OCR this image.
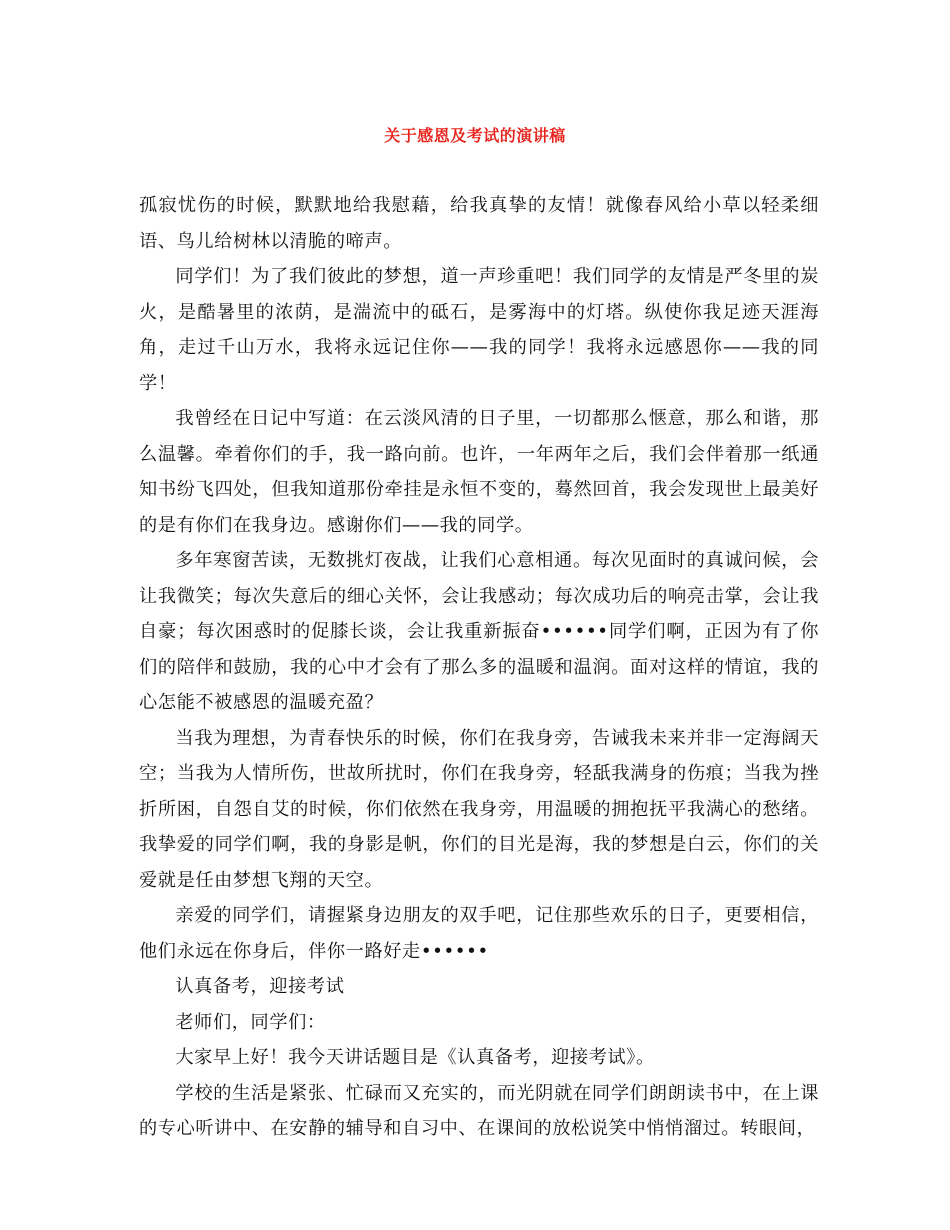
关于感恩及考试的演讲稿

孤寂忧伤的时候，默默地给我慰藉，给我真挚的友情！就像春风给小草以轻柔细语、鸟儿给树林以清脆的啼声。

同学们！为了我们彼此的梦想，道一声珍重吧！我们同学的友情是严冬里的炭火，是酷暑里的浓荫，是湍流中的砥石，是雾海中的灯塔。纵使你我足迹天涯海角，走过千山万水，我将永远记住你——我的同学！我将永远感恩你——我的同学！

我曾经在日记中写道：在云淡风清的日子里，一切都那么惬意，那么和谐，那么温馨。牵着你们的手，我一路向前。也许，一年两年之后，我们会伴着那一纸通知书纷飞四处，但我知道那份牵挂是永恒不变的，蓦然回首，我会发现世上最美好的是有你们在我身边。感谢你们——我的同学。

多年寒窗苦读，无数挑灯夜战，让我们心意相通。每次见面时的真诚问候，会让我微笑；每次失意后的细心关怀，会让我感动；每次成功后的响亮击掌，会让我自豪；每次困惑时的促膝长谈，会让我重新振奋••••••同学们啊，正因为有了你们的陪伴和鼓励，我的心中才会有了那么多的温暖和温润。面对这样的情谊，我的心怎能不被感恩的温暖充盈？

当我为理想，为青春快乐的时候，你们在我身旁，告诫我未来并非一定海阔天空；当我为人情所伤，世故所扰时，你们在我身旁，轻舐我满身的伤痕；当我为挫折所困，自怨自艾的时候，你们依然在我身旁，用温暖的拥抱抚平我满心的愁绪。我挚爱的同学们啊，我的身影是帆，你们的目光是海，我的梦想是白云，你们的关爱就是任由梦想飞翔的天空。

亲爱的同学们，请握紧身边朋友的双手吧，记住那些欢乐的日子，更要相信，他们永远在你身后，伴你一路好走••••••

认真备考，迎接考试

老师们，同学们：

大家早上好！我今天讲话题目是《认真备考，迎接考试》。

学校的生活是紧张、忙碌而又充实的，而光阴就在同学们朗朗读书中，在上课的专心听讲中、在安静的辅导和自习中、在课间的放松说笑中悄悄溜过。转眼间，
